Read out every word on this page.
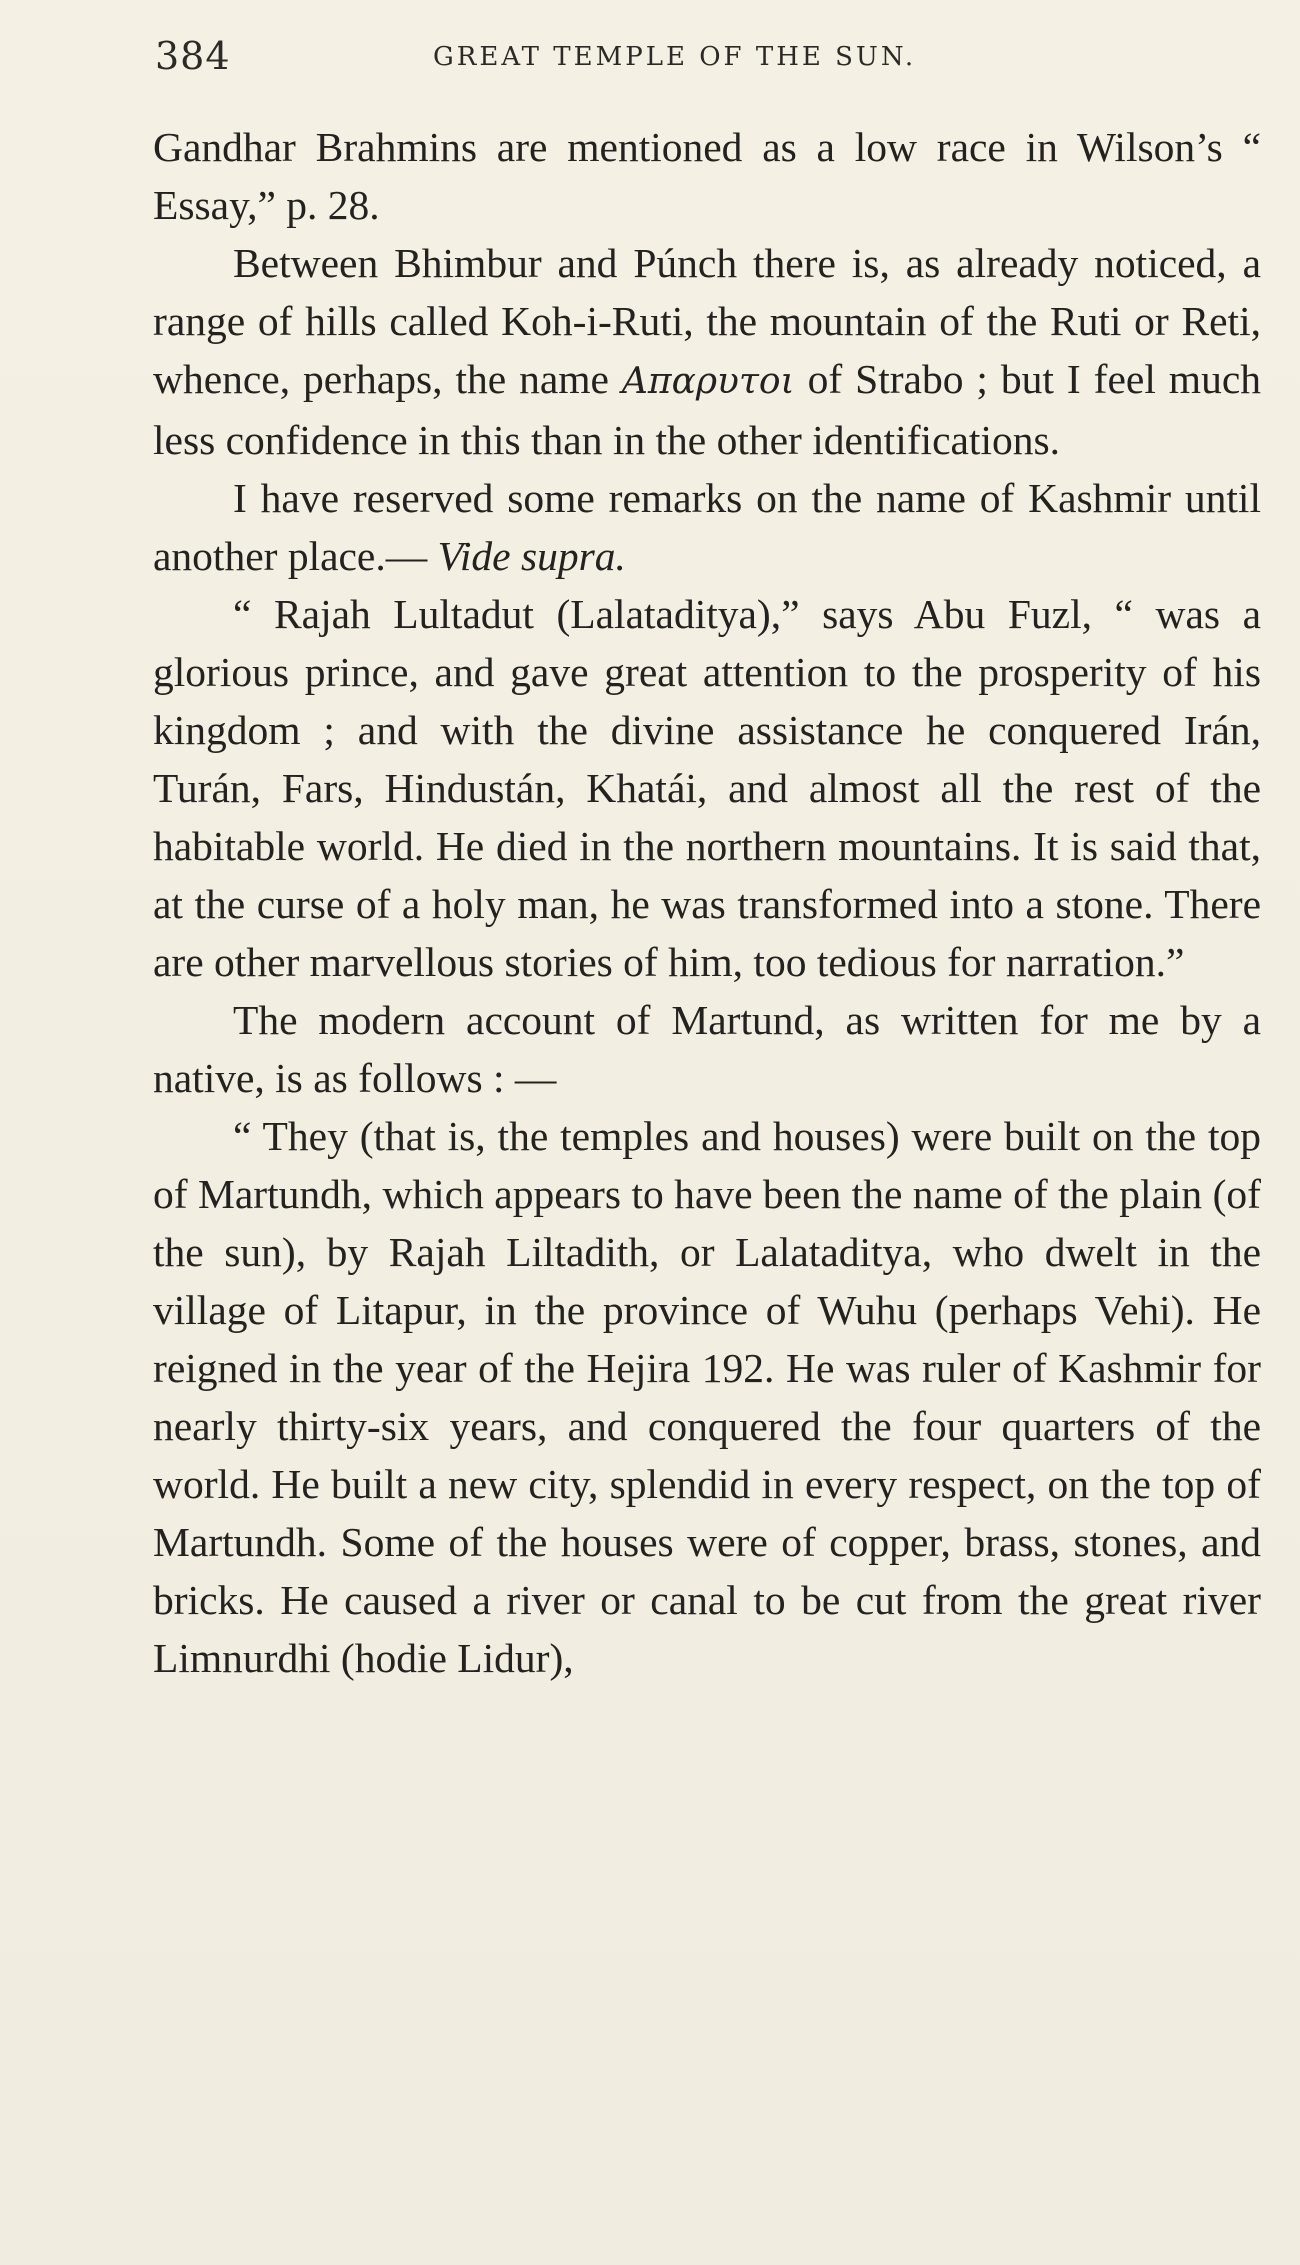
384	GREAT TEMPLE OF THE SUN.

Gandhar Brahmins are mentioned as a low race in Wilson’s “ Essay,” p. 28.

Between Bhimbur and Púnch there is, as already noticed, a range of hills called Koh-i-Ruti, the mountain of the Ruti or Reti, whence, perhaps, the name Απαρυτοι of Strabo ; but I feel much less confidence in this than in the other identifications.

I have reserved some remarks on the name of Kashmir until another place.— Vide supra.

“ Rajah Lultadut (Lalataditya),” says Abu Fuzl, “ was a glorious prince, and gave great attention to the prosperity of his kingdom ; and with the divine assistance he conquered Irán, Turán, Fars, Hindustán, Khatái, and almost all the rest of the habitable world. He died in the northern mountains. It is said that, at the curse of a holy man, he was transformed into a stone. There are other marvellous stories of him, too tedious for narration.”

The modern account of Martund, as written for me by a native, is as follows : —

“ They (that is, the temples and houses) were built on the top of Martundh, which appears to have been the name of the plain (of the sun), by Rajah Liltadith, or Lalataditya, who dwelt in the village of Litapur, in the province of Wuhu (perhaps Vehi). He reigned in the year of the Hejira 192. He was ruler of Kashmir for nearly thirty-six years, and conquered the four quarters of the world. He built a new city, splendid in every respect, on the top of Martundh. Some of the houses were of copper, brass, stones, and bricks. He caused a river or canal to be cut from the great river Limnurdhi (hodie Lidur),
